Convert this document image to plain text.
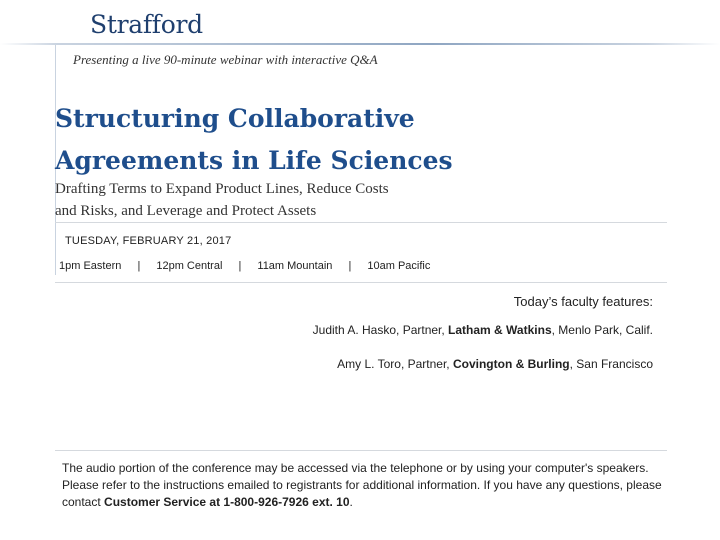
Strafford
Presenting a live 90-minute webinar with interactive Q&A
Structuring Collaborative
Agreements in Life Sciences
Drafting Terms to Expand Product Lines, Reduce Costs
and Risks, and Leverage and Protect Assets
TUESDAY, FEBRUARY 21, 2017
1pm Eastern | 12pm Central | 11am Mountain | 10am Pacific
Today’s faculty features:
Judith A. Hasko, Partner, Latham & Watkins, Menlo Park, Calif.
Amy L. Toro, Partner, Covington & Burling, San Francisco
The audio portion of the conference may be accessed via the telephone or by using your computer's speakers. Please refer to the instructions emailed to registrants for additional information. If you have any questions, please contact Customer Service at 1-800-926-7926 ext. 10.
